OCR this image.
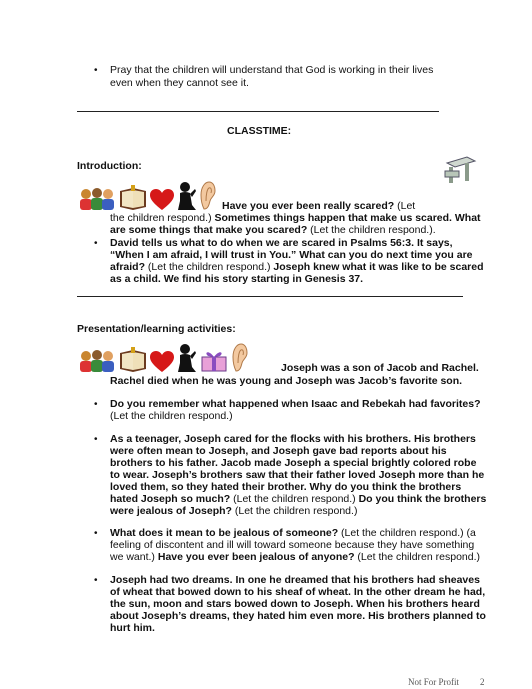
• Pray that the children will understand that God is working in their lives
even when they cannot see it.
CLASSTIME:
Introduction:
Have you ever been really scared? (Let
the children respond.) Sometimes things happen that make us scared. What
are some things that make you scared? (Let the children respond.).
• David tells us what to do when we are scared in Psalms 56:3. It says,
“When I am afraid, I will trust in You.” What can you do next time you are
afraid? (Let the children respond.) Joseph knew what it was like to be scared
as a child. We find his story starting in Genesis 37.
Presentation/learning activities:
Joseph was a son of Jacob and Rachel.
Rachel died when he was young and Joseph was Jacob’s favorite son.
• Do you remember what happened when Isaac and Rebekah had favorites?
(Let the children respond.)
• As a teenager, Joseph cared for the flocks with his brothers. His brothers
were often mean to Joseph, and Joseph gave bad reports about his
brothers to his father. Jacob made Joseph a special brightly colored robe
to wear. Joseph’s brothers saw that their father loved Joseph more than he
loved them, so they hated their brother. Why do you think the brothers
hated Joseph so much? (Let the children respond.) Do you think the brothers
were jealous of Joseph? (Let the children respond.)
• What does it mean to be jealous of someone? (Let the children respond.) (a
feeling of discontent and ill will toward someone because they have something
we want.) Have you ever been jealous of anyone? (Let the children respond.)
• Joseph had two dreams. In one he dreamed that his brothers had sheaves
of wheat that bowed down to his sheaf of wheat. In the other dream he had,
the sun, moon and stars bowed down to Joseph. When his brothers heard
about Joseph’s dreams, they hated him even more. His brothers planned to
hurt him.
Not For Profit 2
